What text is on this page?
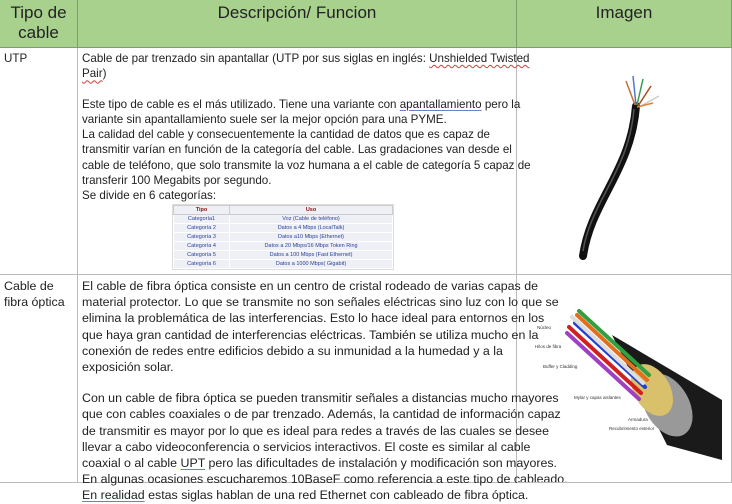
Tipo de
cable
Descripción/ Funcion	Imagen
UTP	Cable de par trenzado sin apantallar (UTP por sus siglas en inglés: Unshielded Twisted
Pair)
Este tipo de cable es el más utilizado. Tiene una variante con apantallamiento pero la
variante sin apantallamiento suele ser la mejor opción para una PYME.
La calidad del cable y consecuentemente la cantidad de datos que es capaz de
transmitir varían en función de la categoría del cable. Las gradaciones van desde el
cable de teléfono, que solo transmite la voz humana a el cable de categoría 5 capaz de
transferir 100 Megabits por segundo.
Se divide en 6 categorías:
Tipo	Uso
Categoría1	Voz (Cable de teléfono)
Categoría 2	Datos a 4 Mbps (LocalTalk)
Categoría 3	Datos a10 Mbps (Ethernet)
Categoría 4	Datos a 20 Mbps/16 Mbps Token Ring
Categoría 5	Datos a 100 Mbps (Fast Ethernet)
Categoría 6	Datos a 1000 Mbps( Gigabit)
Cable de
fibra óptica
El cable de fibra óptica consiste en un centro de cristal rodeado de varias capas de
material protector. Lo que se transmite no son señales eléctricas sino luz con lo que se
elimina la problemática de las interferencias. Esto lo hace ideal para entornos en los
que haya gran cantidad de interferencias eléctricas. También se utiliza mucho en la
conexión de redes entre edificios debido a su inmunidad a la humedad y a la
exposición solar.
Con un cable de fibra óptica se pueden transmitir señales a distancias mucho mayores
que con cables coaxiales o de par trenzado. Además, la cantidad de información capaz
de transmitir es mayor por lo que es ideal para redes a través de las cuales se desee
llevar a cabo videoconferencia o servicios interactivos. El coste es similar al cable
coaxial o al cable UPT pero las dificultades de instalación y modificación son mayores.
En algunas ocasiones escucharemos 10BaseF como referencia a este tipo de cableado.
En realidad estas siglas hablan de una red Ethernet con cableado de fibra óptica.
Núcleo
Hilos de fibra
Buffer y Cladding
Mylar y capas aislantes
Armadura
Recubrimiento exterior
